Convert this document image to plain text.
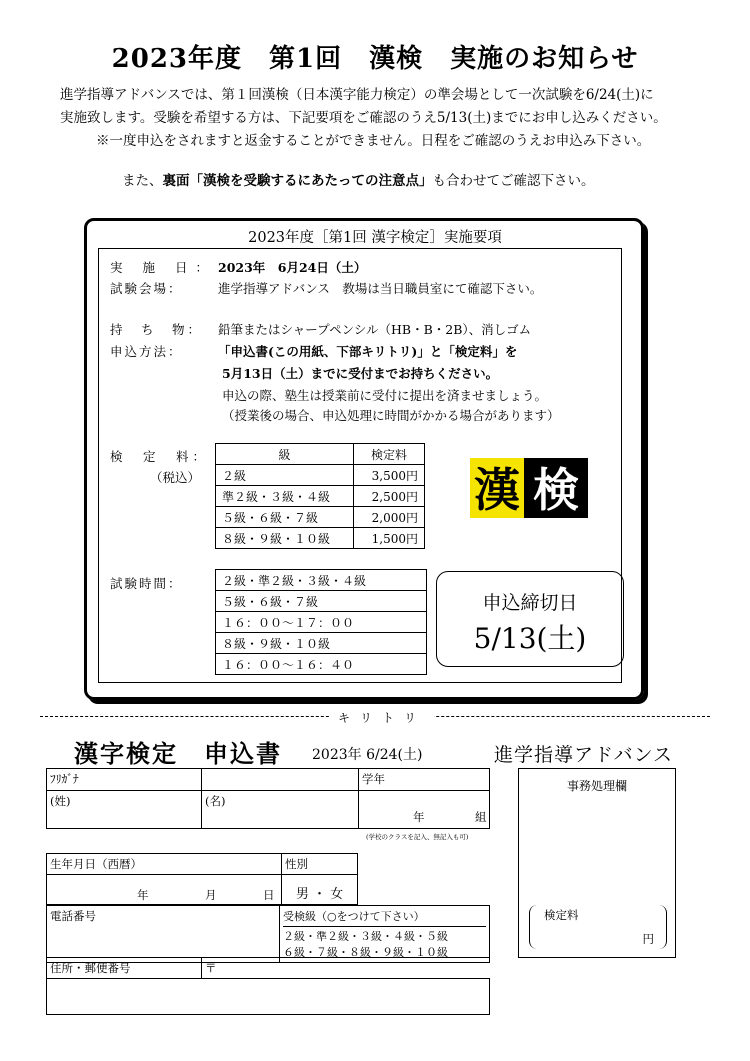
2023年度　第1回　漢検　実施のお知らせ
進学指導アドバンスでは、第１回漢検（日本漢字能力検定）の準会場として一次試験を6/24(土)に
実施致します。受験を希望する方は、下記要項をご確認のうえ5/13(土)までにお申し込みください。
※一度申込をされますと返金することができません。日程をご確認のうえお申込み下さい。
また、裏面「漢検を受験するにあたっての注意点」も合わせてご確認下さい。
2023年度［第1回 漢字検定］実施要項
実 施 日： 2023年　6月24日（土）
試験会場：	進学指導アドバンス　教場は当日職員室にて確認下さい。
持　ち　物： 鉛筆またはシャープペンシル（HB・B・2B）、消しゴム
申込方法：	「申込書(この用紙、下部キリトリ)」と「検定料」を
5月13日（土）までに受付までお持ちください。
申込の際、塾生は授業前に受付に提出を済ませましょう。
（授業後の場合、申込処理に時間がかかる場合があります）
検　定　料：
（税込）
級	検定料
２級	3,500円
準２級・３級・４級	2,500円
５級・６級・７級	2,000円
８級・９級・１０級	1,500円
漢 検
試験時間：	２級・準２級・３級・４級
５級・６級・７級
１６：００～１７：００
８級・９級・１０級
１６：００～１６：４０
申込締切日
5/13(土)
キリトリ
漢字検定　申込書 2023年 6/24(土)	進学指導アドバンス
ﾌﾘｶﾞﾅ		学年
(姓)	(名)	年 組
(学校のクラスを記入、無記入も可)
生年月日（西暦）	性別

年 月 日	男 ・ 女
電話番号	受検級（○をつけて下さい）
２級・準２級・３級・４級・５級
６級・７級・８級・９級・１０級
住所・郵便番号	〒

事務処理欄
検定料
円
